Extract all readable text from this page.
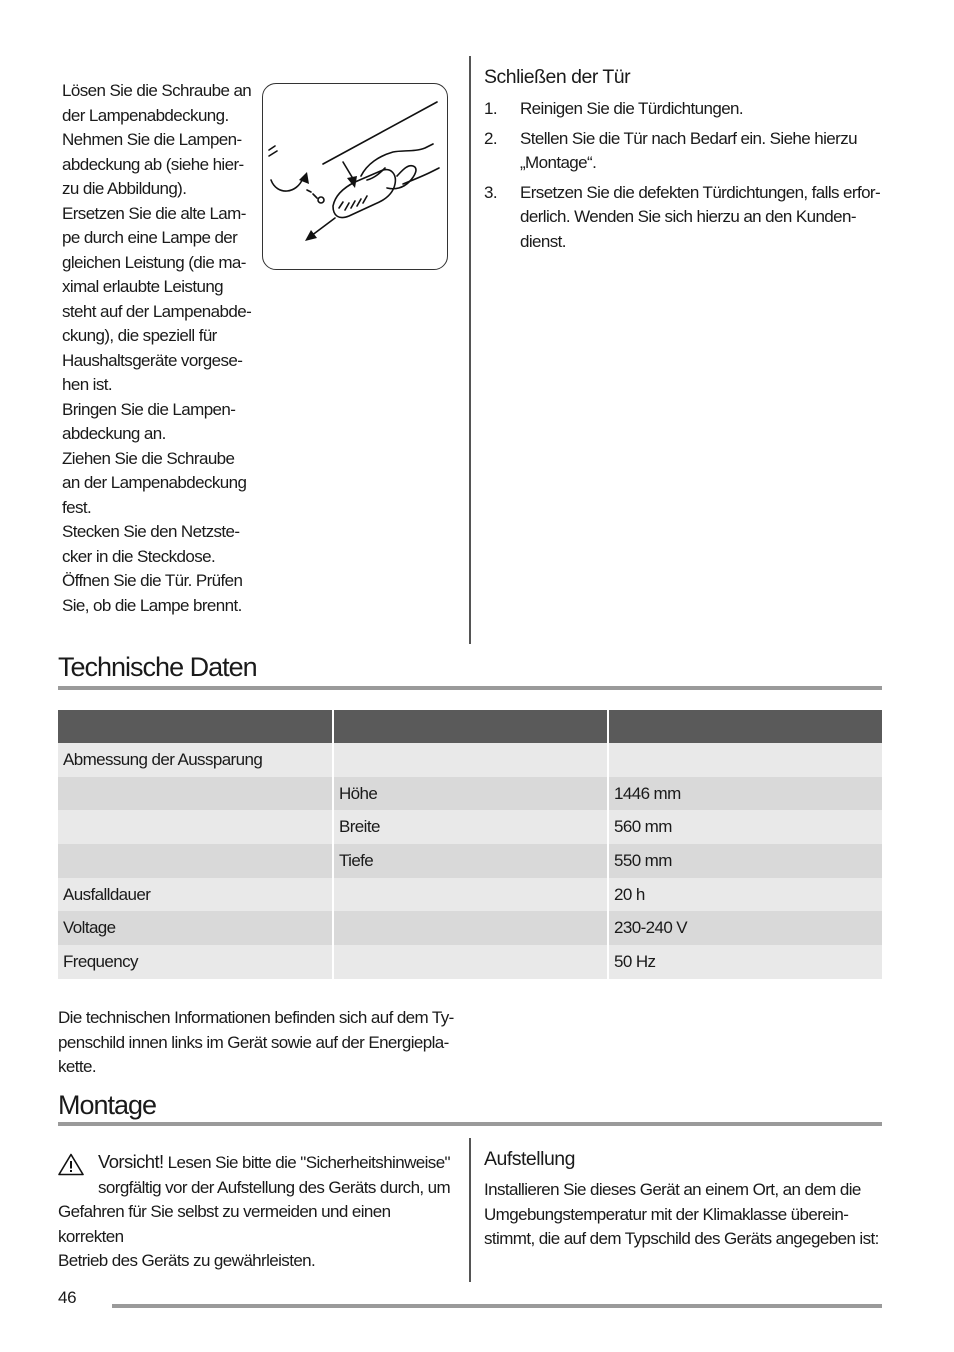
Lösen Sie die Schraube an
der Lampenabdeckung.
Nehmen Sie die Lampen-
abdeckung ab (siehe hier-
zu die Abbildung).
Ersetzen Sie die alte Lam-
pe durch eine Lampe der
gleichen Leistung (die ma-
ximal erlaubte Leistung
steht auf der Lampenabde-
ckung), die speziell für
Haushaltsgeräte vorgese-
hen ist.
Bringen Sie die Lampen-
abdeckung an.
Ziehen Sie die Schraube
an der Lampenabdeckung
fest.
Stecken Sie den Netzste-
cker in die Steckdose.
Öffnen Sie die Tür. Prüfen
Sie, ob die Lampe brennt.
Schließen der Tür
1. Reinigen Sie die Türdichtungen.
2. Stellen Sie die Tür nach Bedarf ein. Siehe hierzu
„Montage“.
3. Ersetzen Sie die defekten Türdichtungen, falls erfor-
derlich. Wenden Sie sich hierzu an den Kunden-
dienst.
Technische Daten

Abmessung der Aussparung		
	Höhe	1446 mm
	Breite	560 mm
	Tiefe	550 mm
Ausfalldauer		20 h
Voltage		230-240 V
Frequency		50 Hz
Die technischen Informationen befinden sich auf dem Ty-
penschild innen links im Gerät sowie auf der Energiepla-
kette.
Montage
Vorsicht! Lesen Sie bitte die "Sicherheitshinweise"
sorgfältig vor der Aufstellung des Geräts durch, um
Gefahren für Sie selbst zu vermeiden und einen korrekten
Betrieb des Geräts zu gewährleisten.
Aufstellung
Installieren Sie dieses Gerät an einem Ort, an dem die
Umgebungstemperatur mit der Klimaklasse überein-
stimmt, die auf dem Typschild des Geräts angegeben ist:
46
